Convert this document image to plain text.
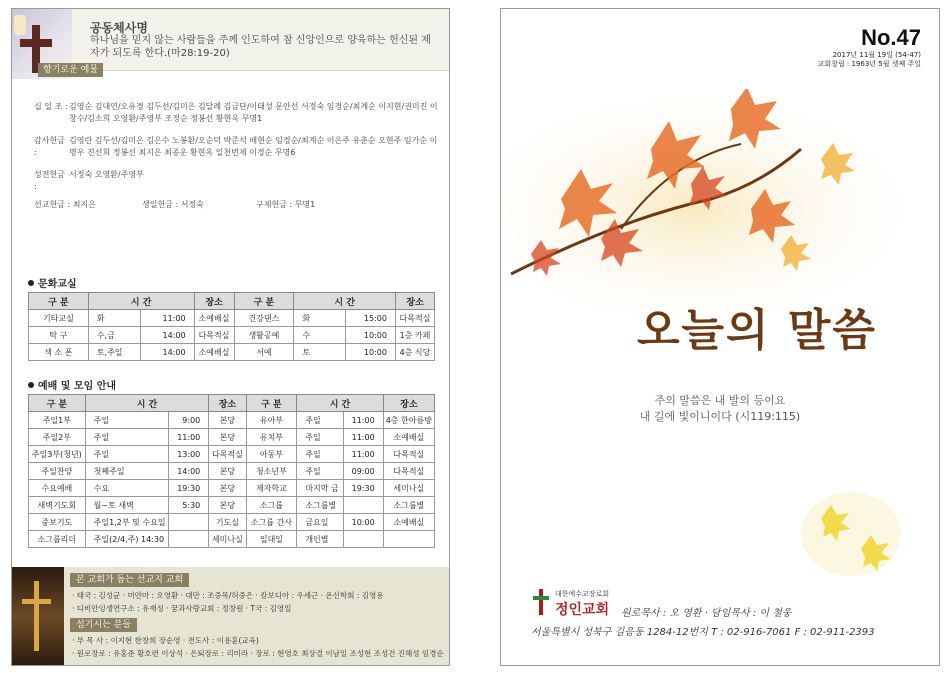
공동체사명
하나님을 믿지 않는 사람들을 주께 인도하여 참 신앙인으로 양육하는 헌신된 제자가 되도록 한다.(마28:19-20)
향기로운 예물
십 일 조 : 김영순 김대연/오유경 김두선/김미은 김달례 김금단/이태성 문안선 서정숙 임경순/최계순 이지현/권미진 이창수/김소희 오영환/주영부 조정순 정봉선 황현옥 무명1
감사헌금 :
김영란 김두선/김미은 김은수 노봉환/오순덕 박준석 배현순 임경순/최계순 이은주 유춘순 오현주 임가순 이명우 진선희 정봉선 최지은 최종운 황현옥 일천번제 이경순 무명6
성전헌금 :
서정숙 오영환/주영부
선교헌금 : 최지은	생일헌금 : 서정숙	구제헌금 : 무명1
문화교실
구 분	시 간		장소	구 분	시 간		장소
기타교실	화	11:00	소예배실	건강댄스	화	15:00	다목적실
탁 구	수,금	14:00	다목적실	생활공예	수	10:00	1층 카페
색 소 폰	토,주일	14:00	소예배실	서예	토	10:00	4층 식당
예배 및 모임 안내
구 분	시 간		장소	구 분	시 간		장소
주일1부	주일	9:00	본당	유아부	주일	11:00	4층 한아름방
주일2부	주일	11:00	본당	유치부	주일	11:00	소예배실
주일3부(청년)	주일	13:00	다목적실	아동부	주일	11:00	다목적실
주일찬양	첫째주일	14:00	본당	청소년부	주일	09:00	다목적실
수요예배	수요	19:30	본당	제자학교	마지막 금	19:30	세미나실
새벽기도회	월~토 새벽	5:30	본당	소그룹	소그룹별		소그룹별
중보기도	주일1,2부 및 수요일		기도실	소그룹 간사	금요일	10:00	소예배실
소그룹리더	주일(2/4,주) 14:30		세미나실	일대일	개인별		
본 교회가 돕는 선교지 교회
· 태국 : 김성균 · 미얀마 : 오영환 · 대만 : 조중목/허중은 · 캄보디아 : 우세근 · 온신학회 : 김영용
· 디비안잉셍연구소 : 유재성 · 꿈과사랑교회 : 정창원 · T국 : 김영일
섬기시는 분들
· 부 목 사 : 이지현 한창희 장순영 · 전도사 : 이용훈(교육)
· 원로장로 : 유홍준 황호련 이상석 · 은퇴장로 : 리미라 · 장로 : 현영호 최상결 이남일 조성현 조성건 진해성 임경순
No.47
2017년 11월 19일 (54-47)
교회창립 : 1963년 5월 셋째 주일
오늘의 말씀
주의 말씀은 내 발의 등이요
내 길에 빛이니이다 (시119:115)
대한예수교장로회
정인교회 원로목사 : 오 영환 · 담임목사 : 이 철웅
서울특별시 성북구 길음동 1284-12번지 T : 02-916-7061 F : 02-911-2393
